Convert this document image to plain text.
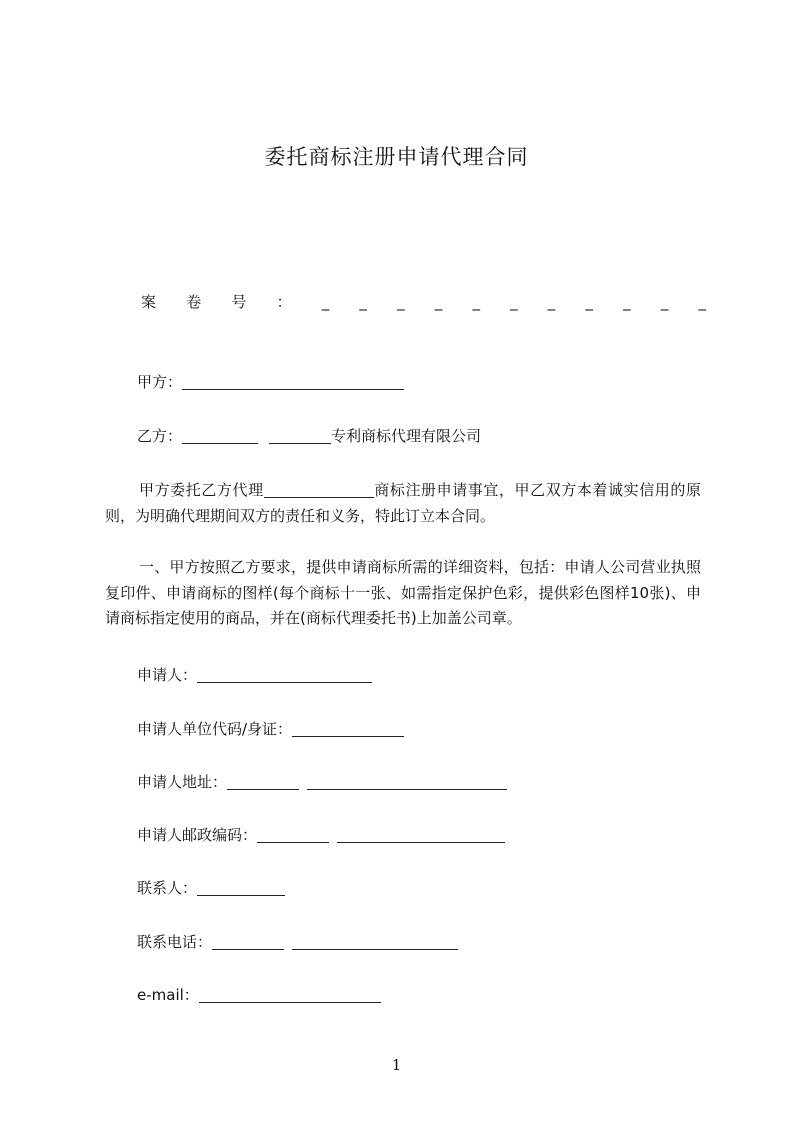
委托商标注册申请代理合同
案 卷 号 ： _ _ _ _ _ _ _ _ _ _ _
甲方：
乙方：	专利商标代理有限公司
甲方委托乙方代理	商标注册申请事宜，甲乙双方本着诚实信用的原则，为明确代理期间双方的责任和义务，特此订立本合同。
一、甲方按照乙方要求，提供申请商标所需的详细资料，包括：申请人公司营业执照复印件、申请商标的图样(每个商标十一张、如需指定保护色彩，提供彩色图样10张)、申请商标指定使用的商品，并在(商标代理委托书)上加盖公司章。
申请人：
申请人单位代码/身证：
申请人地址：
申请人邮政编码：
联系人：
联系电话：
e-mail：
1
